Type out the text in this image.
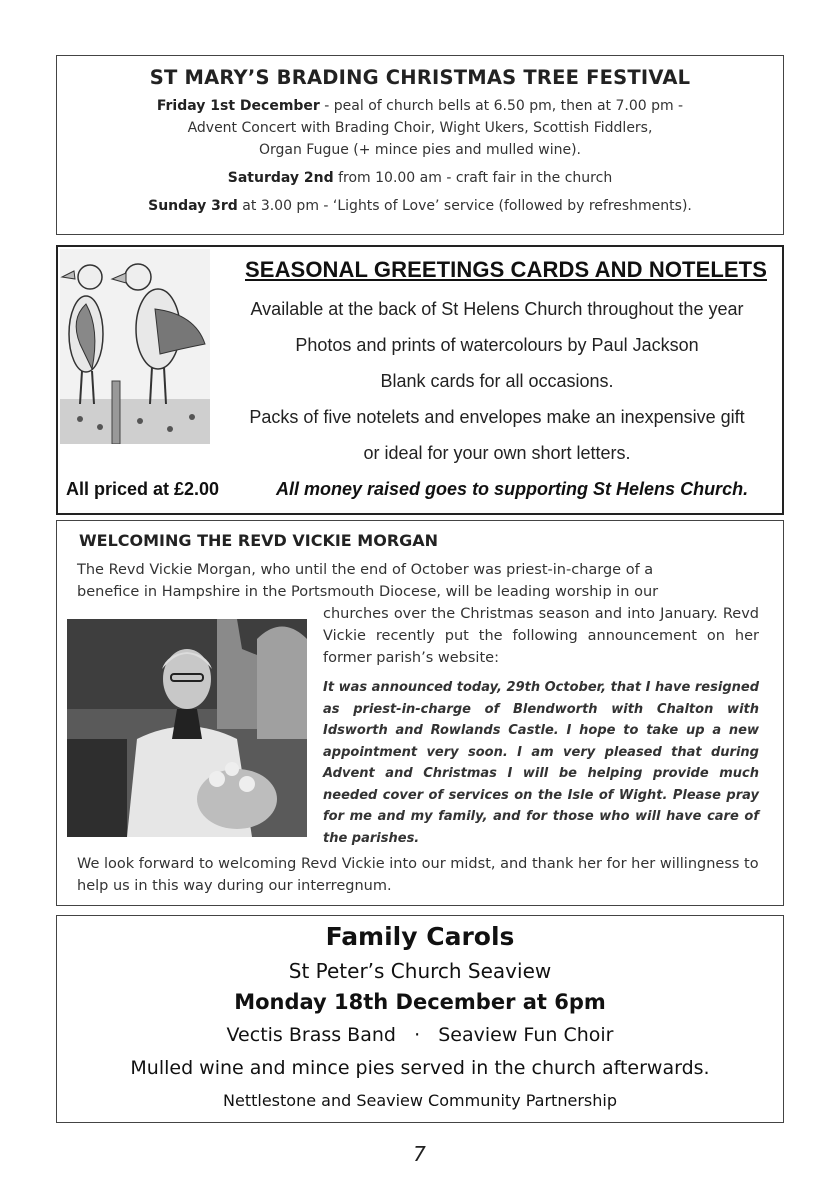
ST MARY’S BRADING CHRISTMAS TREE FESTIVAL
Friday 1st December - peal of church bells at 6.50 pm, then at 7.00 pm -
Advent Concert with Brading Choir, Wight Ukers, Scottish Fiddlers,
Organ Fugue (+ mince pies and mulled wine).
Saturday 2nd from 10.00 am - craft fair in the church
Sunday 3rd at 3.00 pm - ‘Lights of Love’ service (followed by refreshments).
SEASONAL GREETINGS CARDS AND NOTELETS
Available at the back of St Helens Church throughout the year
Photos and prints of watercolours by Paul Jackson
Blank cards for all occasions.
Packs of five notelets and envelopes make an inexpensive gift
or ideal for your own short letters.
All priced at £2.00	All money raised goes to supporting St Helens Church.
WELCOMING THE REVD VICKIE MORGAN
The Revd Vickie Morgan, who until the end of October was priest-in-charge of a
benefice in Hampshire in the Portsmouth Diocese, will be leading worship in our
churches over the Christmas season and into January. Revd Vickie recently put the following announcement on her former parish’s website:
It was announced today, 29th October, that I have resigned as priest-in-charge of Blendworth with Chalton with Idsworth and Rowlands Castle. I hope to take up a new appointment very soon. I am very pleased that during Advent and Christmas I will be helping provide much needed cover of services on the Isle of Wight. Please pray for me and my family, and for those who will have care of the parishes.
We look forward to welcoming Revd Vickie into our midst, and thank her for her willingness to help us in this way during our interregnum.
Family Carols
St Peter’s Church Seaview
Monday 18th December at 6pm
Vectis Brass Band   ·   Seaview Fun Choir
Mulled wine and mince pies served in the church afterwards.
Nettlestone and Seaview Community Partnership
7
